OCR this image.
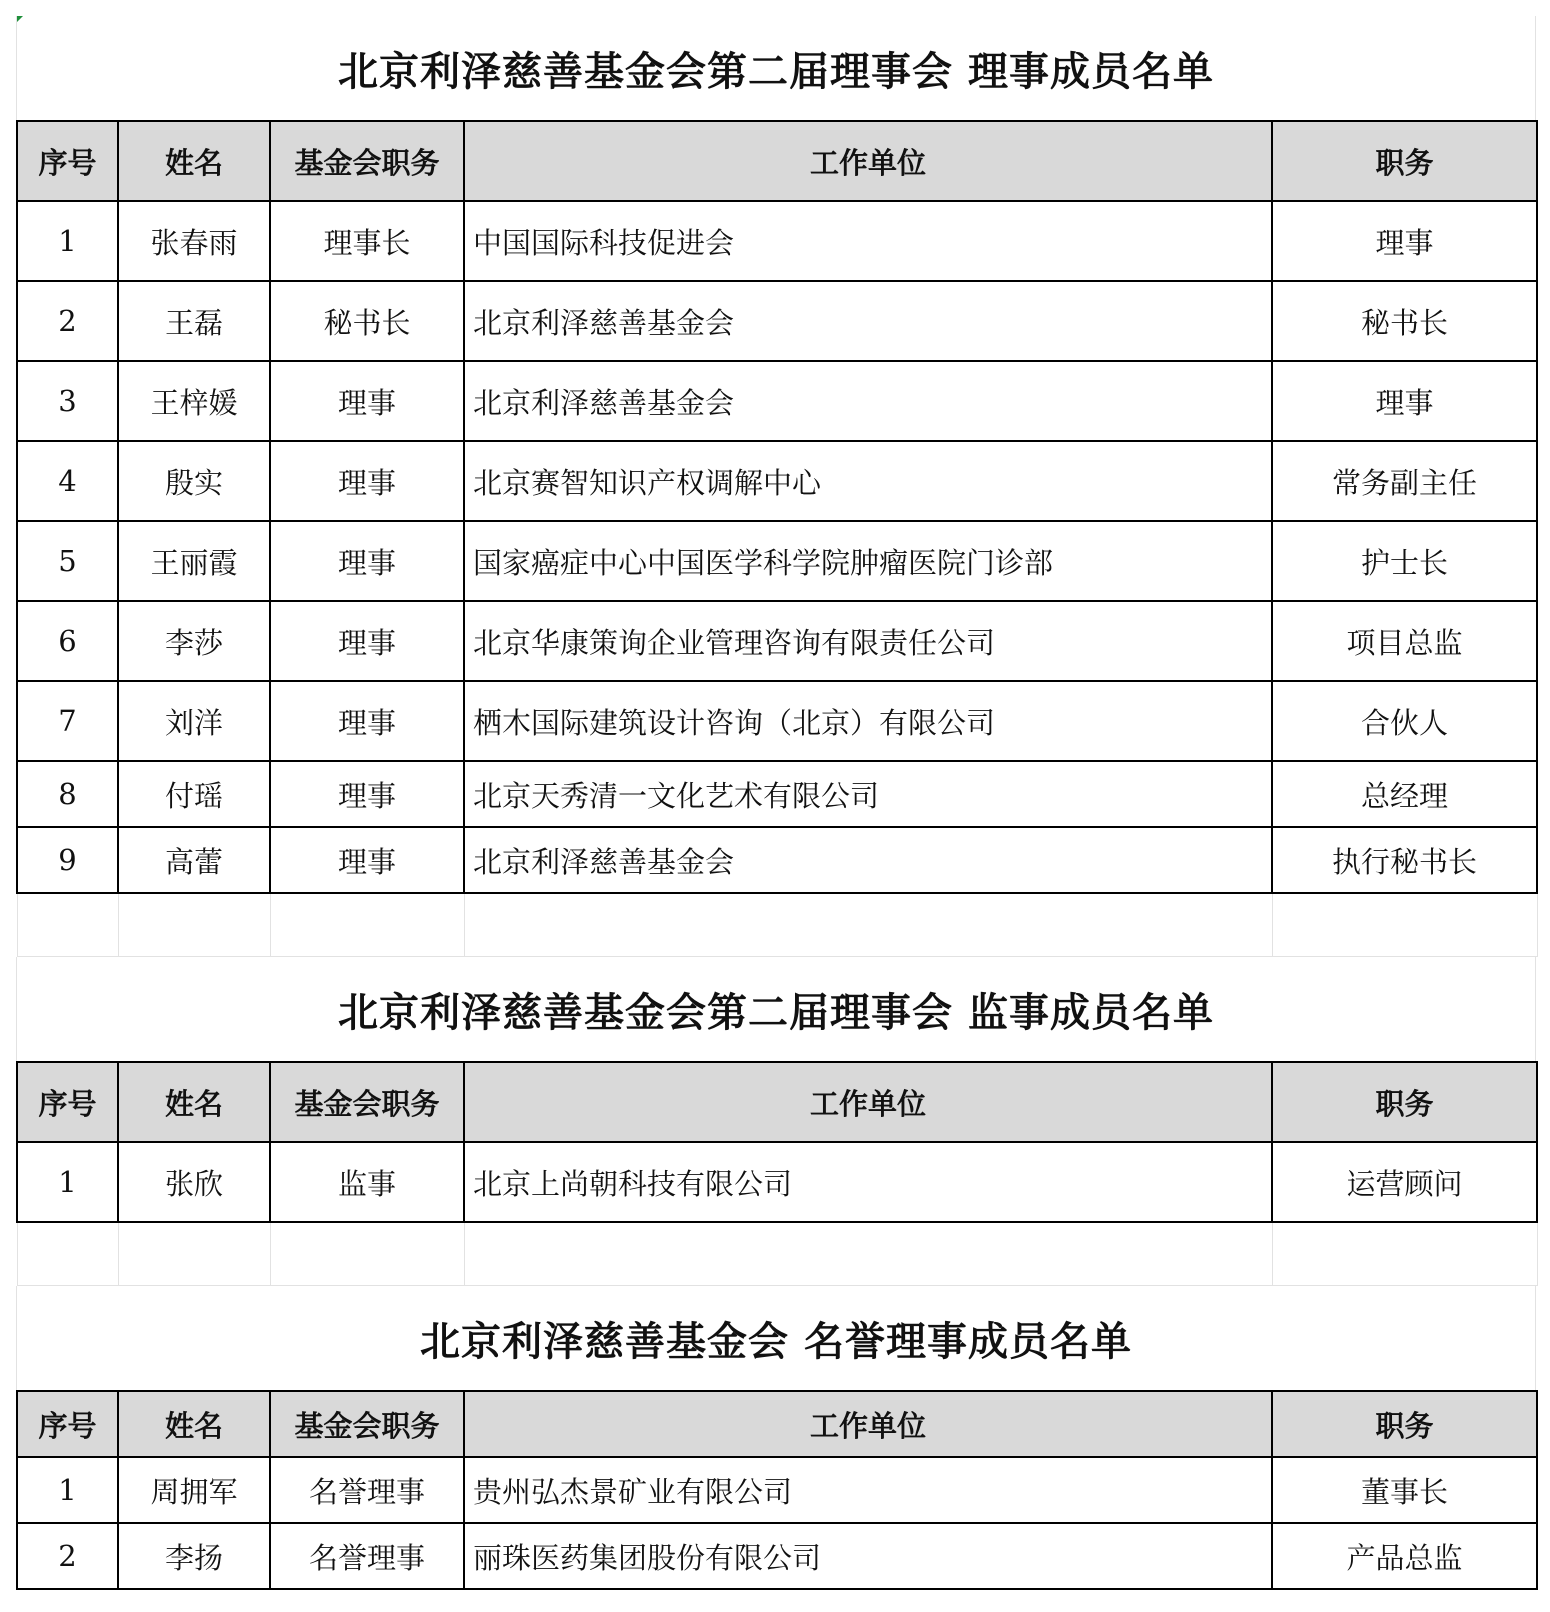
北京利泽慈善基金会第二届理事会 理事成员名单
序号	姓名	基金会职务	工作单位	职务
1	张春雨	理事长	中国国际科技促进会	理事
2	王磊	秘书长	北京利泽慈善基金会	秘书长
3	王梓媛	理事	北京利泽慈善基金会	理事
4	殷实	理事	北京赛智知识产权调解中心	常务副主任
5	王丽霞	理事	国家癌症中心中国医学科学院肿瘤医院门诊部	护士长
6	李莎	理事	北京华康策询企业管理咨询有限责任公司	项目总监
7	刘洋	理事	栖木国际建筑设计咨询（北京）有限公司	合伙人
8	付瑶	理事	北京天秀清一文化艺术有限公司	总经理
9	高蕾	理事	北京利泽慈善基金会	执行秘书长

北京利泽慈善基金会第二届理事会 监事成员名单
序号	姓名	基金会职务	工作单位	职务
1	张欣	监事	北京上尚朝科技有限公司	运营顾问

北京利泽慈善基金会 名誉理事成员名单
序号	姓名	基金会职务	工作单位	职务
1	周拥军	名誉理事	贵州弘杰景矿业有限公司	董事长
2	李扬	名誉理事	丽珠医药集团股份有限公司	产品总监
